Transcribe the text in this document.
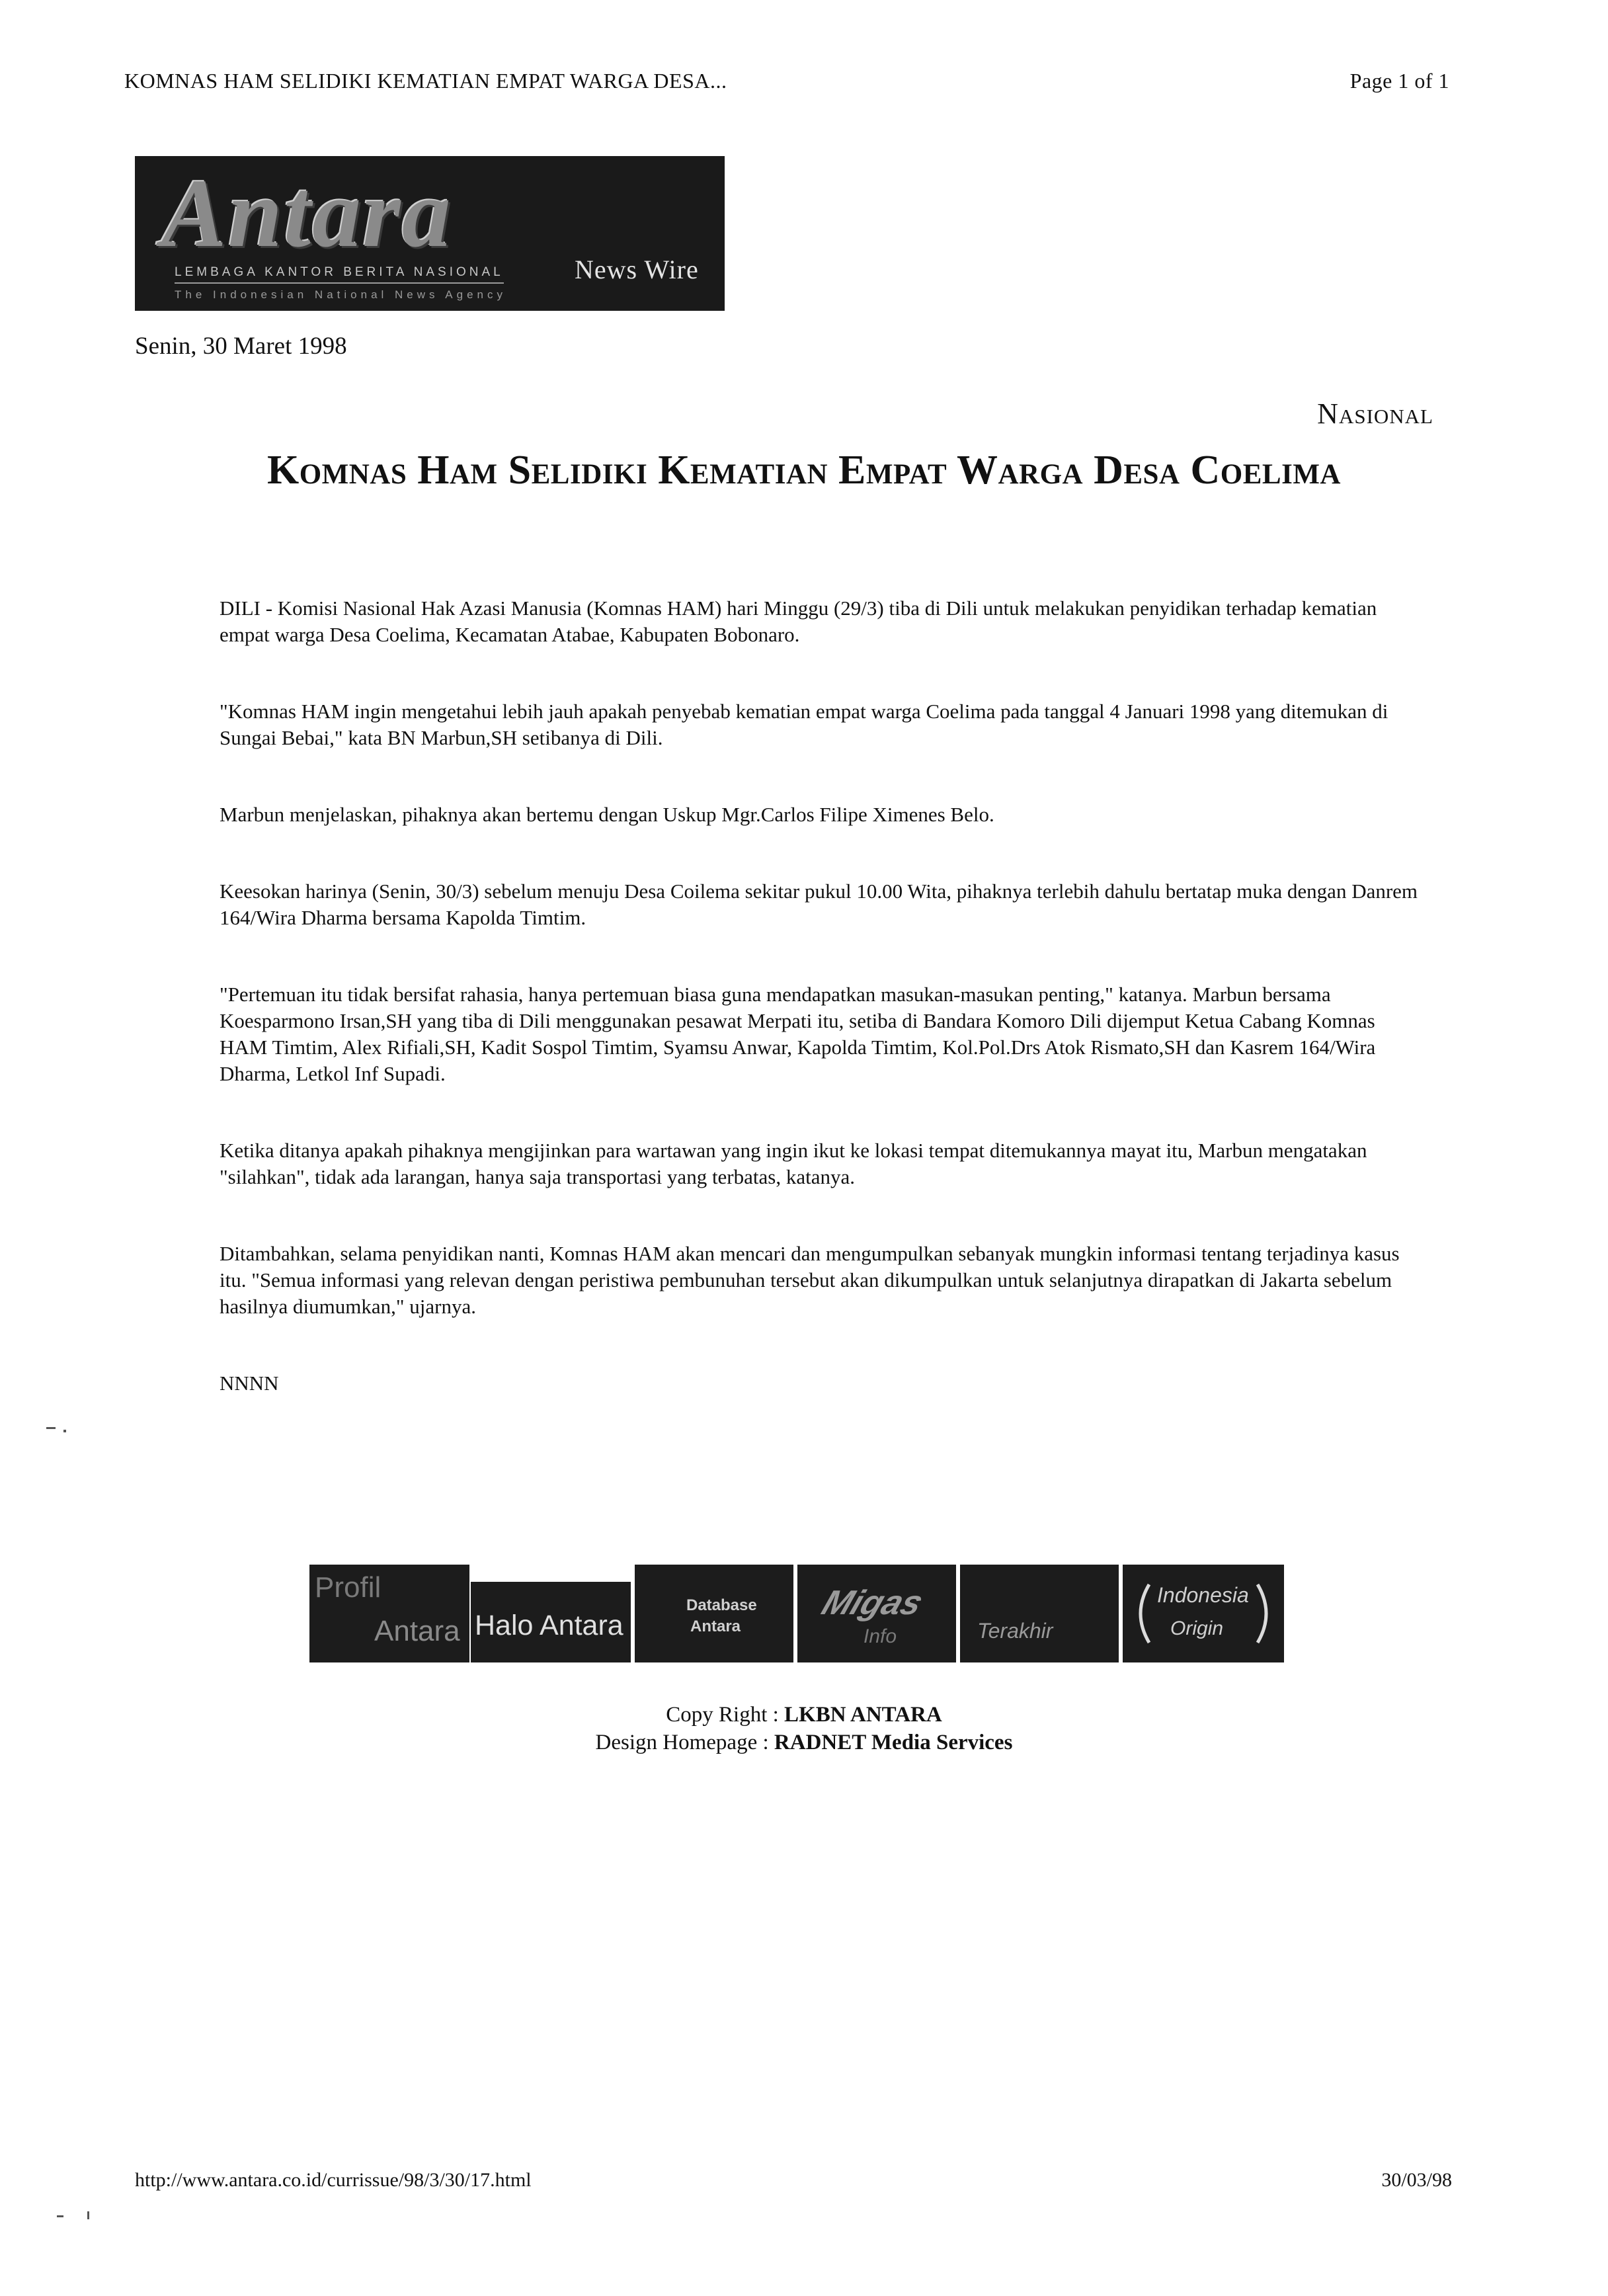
KOMNAS HAM SELIDIKI KEMATIAN EMPAT WARGA DESA...	Page 1 of 1
Antara
LEMBAGA KANTOR BERITA NASIONAL
The Indonesian National News Agency
News Wire
Senin, 30 Maret 1998
Nasional
Komnas Ham Selidiki Kematian Empat Warga Desa Coelima

DILI - Komisi Nasional Hak Azasi Manusia (Komnas HAM) hari Minggu (29/3) tiba di Dili untuk melakukan penyidikan terhadap kematian empat warga Desa Coelima, Kecamatan Atabae, Kabupaten Bobonaro.

"Komnas HAM ingin mengetahui lebih jauh apakah penyebab kematian empat warga Coelima pada tanggal 4 Januari 1998 yang ditemukan di Sungai Bebai," kata BN Marbun,SH setibanya di Dili.

Marbun menjelaskan, pihaknya akan bertemu dengan Uskup Mgr.Carlos Filipe Ximenes Belo.

Keesokan harinya (Senin, 30/3) sebelum menuju Desa Coilema sekitar pukul 10.00 Wita, pihaknya terlebih dahulu bertatap muka dengan Danrem 164/Wira Dharma bersama Kapolda Timtim.

"Pertemuan itu tidak bersifat rahasia, hanya pertemuan biasa guna mendapatkan masukan-masukan penting," katanya. Marbun bersama Koesparmono Irsan,SH yang tiba di Dili menggunakan pesawat Merpati itu, setiba di Bandara Komoro Dili dijemput Ketua Cabang Komnas HAM Timtim, Alex Rifiali,SH, Kadit Sospol Timtim, Syamsu Anwar, Kapolda Timtim, Kol.Pol.Drs Atok Rismato,SH dan Kasrem 164/Wira Dharma, Letkol Inf Supadi.

Ketika ditanya apakah pihaknya mengijinkan para wartawan yang ingin ikut ke lokasi tempat ditemukannya mayat itu, Marbun mengatakan "silahkan", tidak ada larangan, hanya saja transportasi yang terbatas, katanya.

Ditambahkan, selama penyidikan nanti, Komnas HAM akan mencari dan mengumpulkan sebanyak mungkin informasi tentang terjadinya kasus itu. "Semua informasi yang relevan dengan peristiwa pembunuhan tersebut akan dikumpulkan untuk selanjutnya dirapatkan di Jakarta sebelum hasilnya diumumkan," ujarnya.

NNNN

Profil
Antara Halo Antara
Database
Antara
Migas
Info	Terakhir
Indonesia
Origin
Copy Right : LKBN ANTARA
Design Homepage : RADNET Media Services
http://www.antara.co.id/currissue/98/3/30/17.html	30/03/98
